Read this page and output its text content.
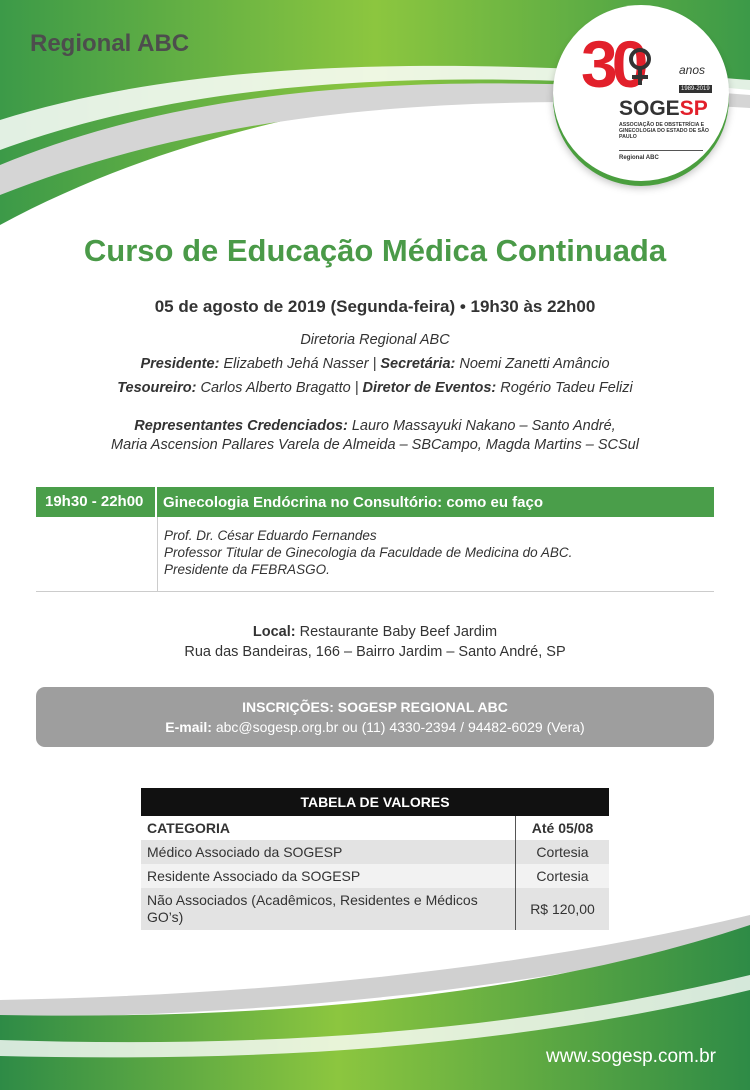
Regional ABC	30	anos
1989-2019
SOGESP
ASSOCIAÇÃO DE OBSTETRÍCIA E GINECOLOGIA DO ESTADO DE SÃO PAULO
Regional ABC
Curso de Educação Médica Continuada
05 de agosto de 2019 (Segunda-feira) • 19h30 às 22h00
Diretoria Regional ABC
Presidente: Elizabeth Jehá Nasser | Secretária: Noemi Zanetti Amâncio
Tesoureiro: Carlos Alberto Bragatto | Diretor de Eventos: Rogério Tadeu Felizi
Representantes Credenciados: Lauro Massayuki Nakano – Santo André,
Maria Ascension Pallares Varela de Almeida – SBCampo, Magda Martins – SCSul
19h30 - 22h00	Ginecologia Endócrina no Consultório: como eu faço
Prof. Dr. César Eduardo Fernandes
Professor Titular de Ginecologia da Faculdade de Medicina do ABC.
Presidente da FEBRASGO.
Local: Restaurante Baby Beef Jardim
Rua das Bandeiras, 166 – Bairro Jardim – Santo André, SP
INSCRIÇÕES: SOGESP REGIONAL ABC
E-mail: abc@sogesp.org.br ou (11) 4330-2394 / 94482-6029 (Vera)
TABELA DE VALORES	
CATEGORIA	Até 05/08
Médico Associado da SOGESP	Cortesia
Residente Associado da SOGESP	Cortesia
Não Associados (Acadêmicos, Residentes e Médicos GO’s)	R$ 120,00
www.sogesp.com.br
